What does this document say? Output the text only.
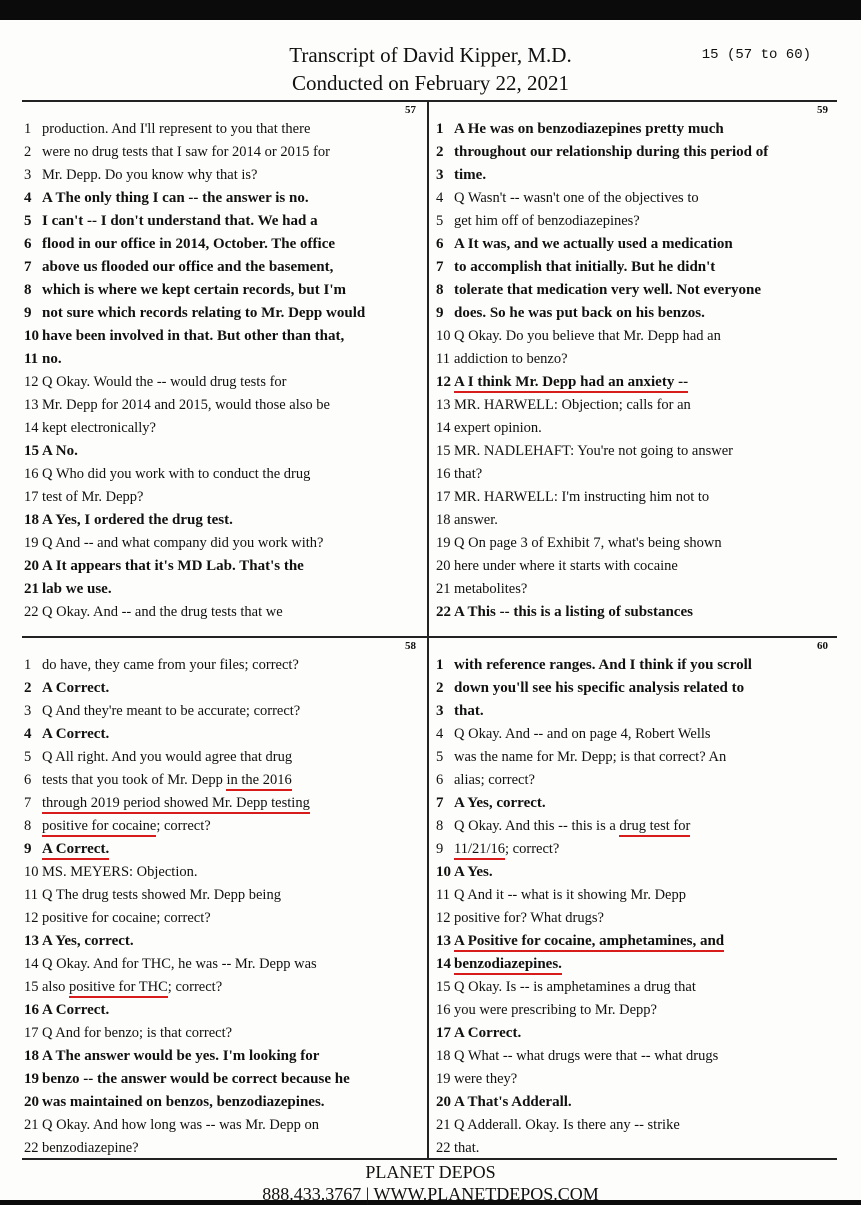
Transcript of David Kipper, M.D.
Conducted on February 22, 2021
15 (57 to 60)
57
1 production. And I'll represent to you that there
2 were no drug tests that I saw for 2014 or 2015 for
3 Mr. Depp. Do you know why that is?
4 A The only thing I can -- the answer is no.
5 I can't -- I don't understand that. We had a
6 flood in our office in 2014, October. The office
7 above us flooded our office and the basement,
8 which is where we kept certain records, but I'm
9 not sure which records relating to Mr. Depp would
10 have been involved in that. But other than that,
11 no.
12 Q Okay. Would the -- would drug tests for
13 Mr. Depp for 2014 and 2015, would those also be
14 kept electronically?
15 A No.
16 Q Who did you work with to conduct the drug
17 test of Mr. Depp?
18 A Yes, I ordered the drug test.
19 Q And -- and what company did you work with?
20 A It appears that it's MD Lab. That's the
21 lab we use.
22 Q Okay. And -- and the drug tests that we
59
1 A He was on benzodiazepines pretty much
2 throughout our relationship during this period of
3 time.
4 Q Wasn't -- wasn't one of the objectives to
5 get him off of benzodiazepines?
6 A It was, and we actually used a medication
7 to accomplish that initially. But he didn't
8 tolerate that medication very well. Not everyone
9 does. So he was put back on his benzos.
10 Q Okay. Do you believe that Mr. Depp had an
11 addiction to benzo?
12 A I think Mr. Depp had an anxiety --
13 MR. HARWELL: Objection; calls for an
14 expert opinion.
15 MR. NADLEHAFT: You're not going to answer
16 that?
17 MR. HARWELL: I'm instructing him not to
18 answer.
19 Q On page 3 of Exhibit 7, what's being shown
20 here under where it starts with cocaine
21 metabolites?
22 A This -- this is a listing of substances
58
1 do have, they came from your files; correct?
2 A Correct.
3 Q And they're meant to be accurate; correct?
4 A Correct.
5 Q All right. And you would agree that drug
6 tests that you took of Mr. Depp in the 2016
7 through 2019 period showed Mr. Depp testing
8 positive for cocaine; correct?
9 A Correct.
10 MS. MEYERS: Objection.
11 Q The drug tests showed Mr. Depp being
12 positive for cocaine; correct?
13 A Yes, correct.
14 Q Okay. And for THC, he was -- Mr. Depp was
15 also positive for THC; correct?
16 A Correct.
17 Q And for benzo; is that correct?
18 A The answer would be yes. I'm looking for
19 benzo -- the answer would be correct because he
20 was maintained on benzos, benzodiazepines.
21 Q Okay. And how long was -- was Mr. Depp on
22 benzodiazepine?
60
1 with reference ranges. And I think if you scroll
2 down you'll see his specific analysis related to
3 that.
4 Q Okay. And -- and on page 4, Robert Wells
5 was the name for Mr. Depp; is that correct? An
6 alias; correct?
7 A Yes, correct.
8 Q Okay. And this -- this is a drug test for
9 11/21/16; correct?
10 A Yes.
11 Q And it -- what is it showing Mr. Depp
12 positive for? What drugs?
13 A Positive for cocaine, amphetamines, and
14 benzodiazepines.
15 Q Okay. Is -- is amphetamines a drug that
16 you were prescribing to Mr. Depp?
17 A Correct.
18 Q What -- what drugs were that -- what drugs
19 were they?
20 A That's Adderall.
21 Q Adderall. Okay. Is there any -- strike
22 that.
PLANET DEPOS
888.433.3767 | WWW.PLANETDEPOS.COM
